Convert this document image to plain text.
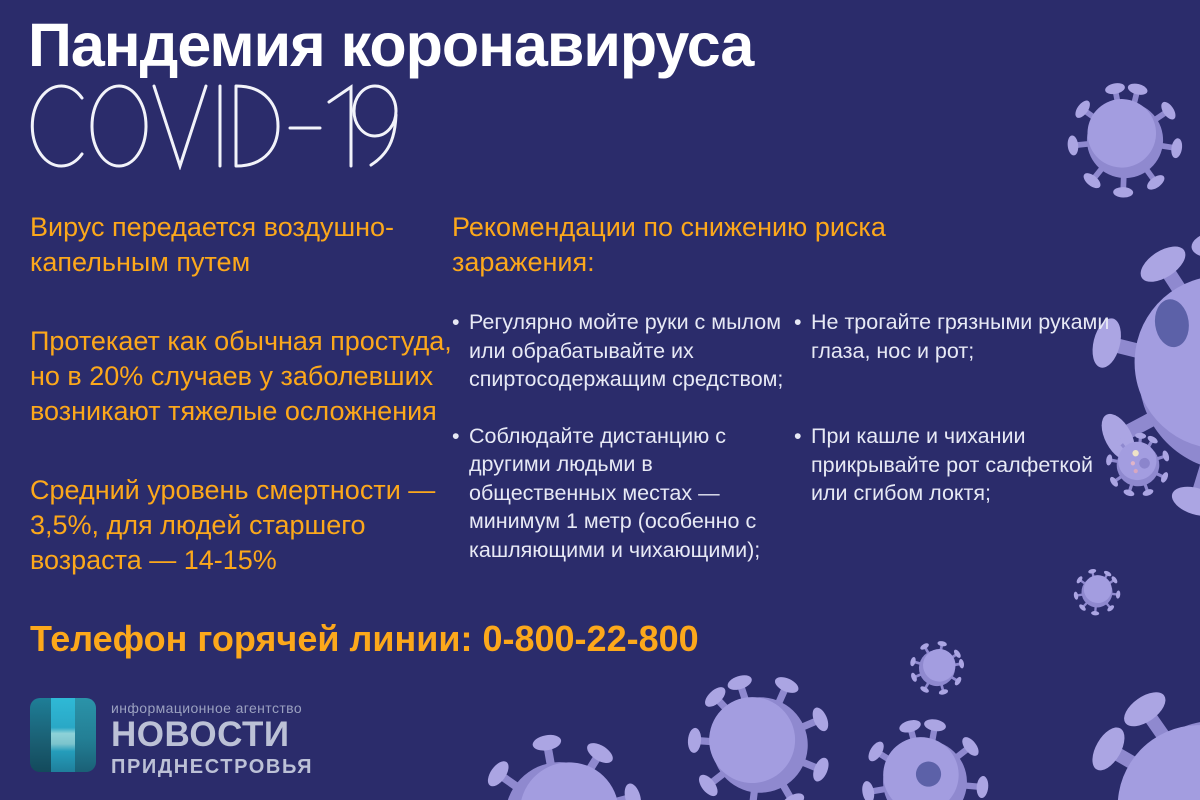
Пандемия коронавируса

Вирус передается воздушно-капельным путем

Протекает как обычная простуда, но в 20% случаев у заболевших возникают тяжелые осложнения

Средний уровень смертности — 3,5%, для людей старшего возраста — 14-15%

Рекомендации по снижению риска заражения:
• Регулярно мойте руки с мылом или обрабатывайте их спиртосодержащим средством;
• Соблюдайте дистанцию с другими людьми в общественных местах — минимум 1 метр (особенно с кашляющими и чихающими);
• Не трогайте грязными руками глаза, нос и рот;
• При кашле и чихании прикрывайте рот салфеткой или сгибом локтя;
Телефон горячей линии: 0-800-22-800
информационное агентство
НОВОСТИ
ПРИДНЕСТРОВЬЯ
